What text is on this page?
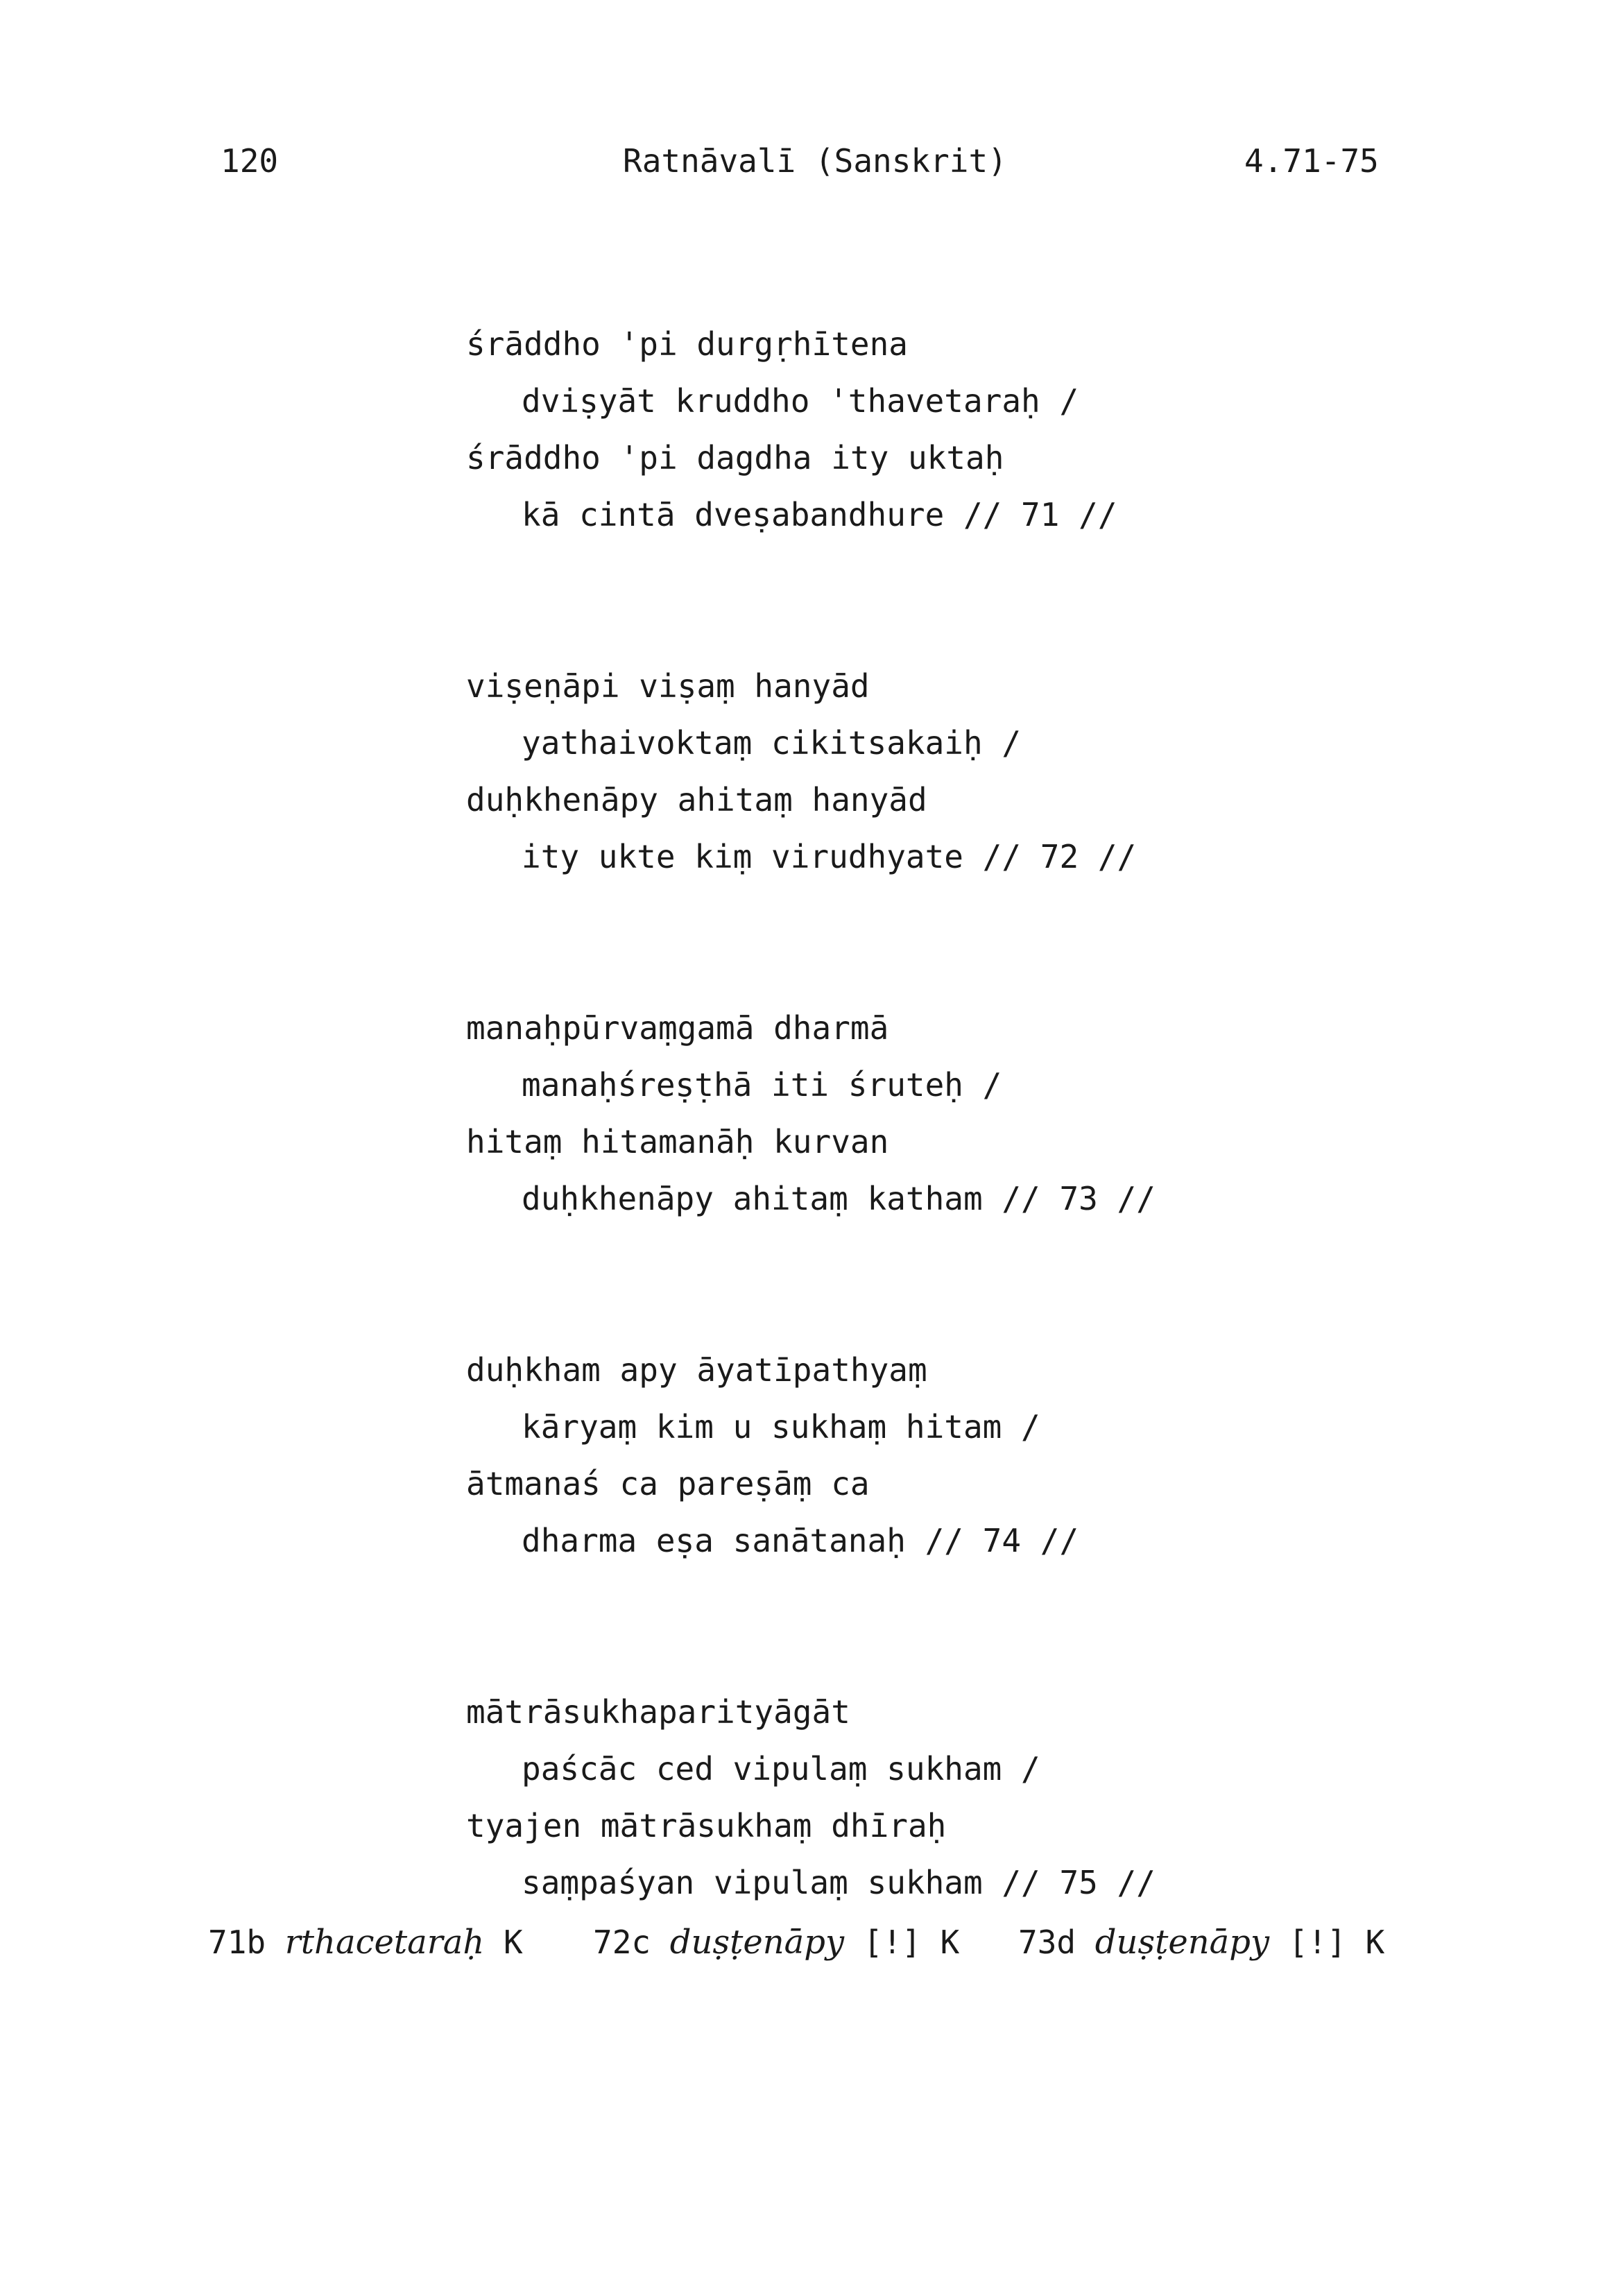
120	Ratnāvalī (Sanskrit)	4.71-75
śrāddho 'pi durgṛhītena
dviṣyāt kruddho 'thavetaraḥ /
śrāddho 'pi dagdha ity uktaḥ
kā cintā dveṣabandhure // 71 //
viṣeṇāpi viṣaṃ hanyād
yathaivoktaṃ cikitsakaiḥ /
duḥkhenāpy ahitaṃ hanyād
ity ukte kiṃ virudhyate // 72 //
manaḥpūrvaṃgamā dharmā
manaḥśreṣṭhā iti śruteḥ /
hitaṃ hitamanāḥ kurvan
duḥkhenāpy ahitaṃ katham // 73 //
duḥkham apy āyatīpathyaṃ
kāryaṃ kim u sukhaṃ hitam /
ātmanaś ca pareṣāṃ ca
dharma eṣa sanātanaḥ // 74 //
mātrāsukhaparityāgāt
paścāc ced vipulaṃ sukham /
tyajen mātrāsukhaṃ dhīraḥ
saṃpaśyan vipulaṃ sukham // 75 //

71b rthacetaraḥ K

72c duṣṭenāpy [!] K

73d duṣṭenāpy [!] K
